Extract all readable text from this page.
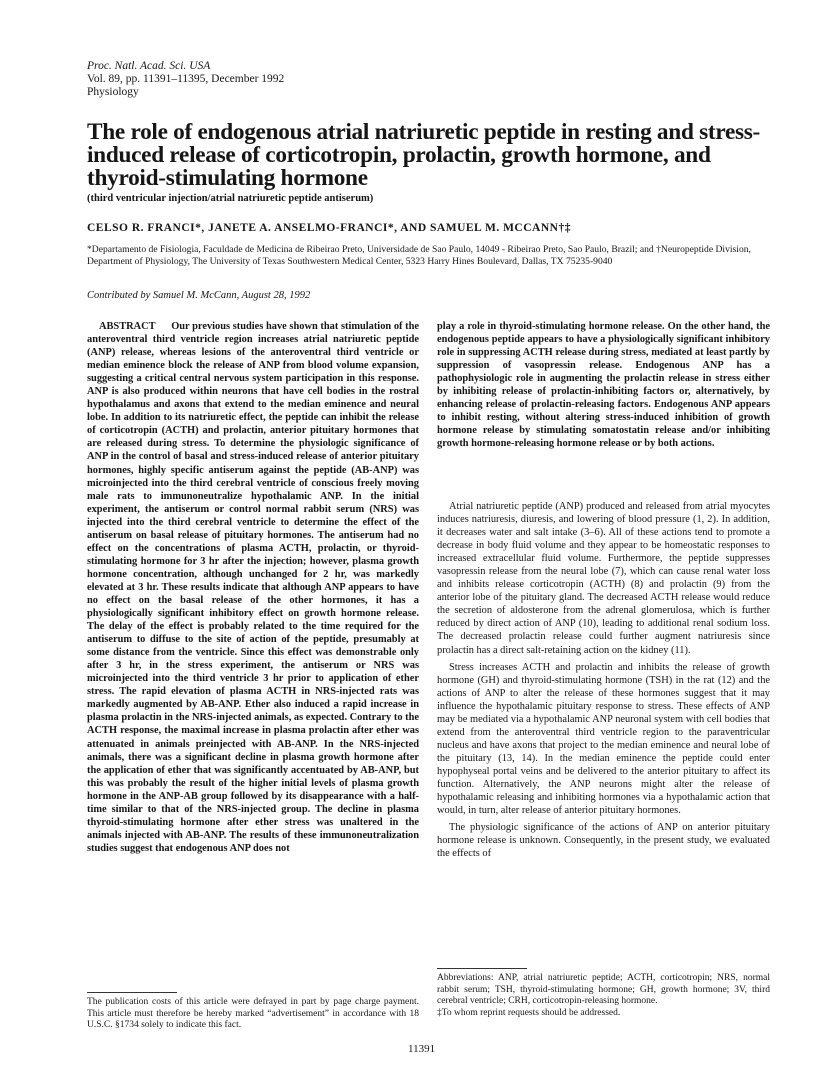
Proc. Natl. Acad. Sci. USA
Vol. 89, pp. 11391–11395, December 1992
Physiology
The role of endogenous atrial natriuretic peptide in resting and stress-induced release of corticotropin, prolactin, growth hormone, and thyroid-stimulating hormone
(third ventricular injection/atrial natriuretic peptide antiserum)
CELSO R. FRANCI*, JANETE A. ANSELMO-FRANCI*, AND SAMUEL M. MCCANN†‡
*Departamento de Fisiologia, Faculdade de Medicina de Ribeirao Preto, Universidade de Sao Paulo, 14049 - Ribeirao Preto, Sao Paulo, Brazil; and †Neuropeptide Division, Department of Physiology, The University of Texas Southwestern Medical Center, 5323 Harry Hines Boulevard, Dallas, TX 75235-9040
Contributed by Samuel M. McCann, August 28, 1992

ABSTRACT   Our previous studies have shown that stimulation of the anteroventral third ventricle region increases atrial natriuretic peptide (ANP) release, whereas lesions of the anteroventral third ventricle or median eminence block the release of ANP from blood volume expansion, suggesting a critical central nervous system participation in this response. ANP is also produced within neurons that have cell bodies in the rostral hypothalamus and axons that extend to the median eminence and neural lobe. In addition to its natriuretic effect, the peptide can inhibit the release of corticotropin (ACTH) and prolactin, anterior pituitary hormones that are released during stress. To determine the physiologic significance of ANP in the control of basal and stress-induced release of anterior pituitary hormones, highly specific antiserum against the peptide (AB-ANP) was microinjected into the third cerebral ventricle of conscious freely moving male rats to immunoneutralize hypothalamic ANP. In the initial experiment, the antiserum or control normal rabbit serum (NRS) was injected into the third cerebral ventricle to determine the effect of the antiserum on basal release of pituitary hormones. The antiserum had no effect on the concentrations of plasma ACTH, prolactin, or thyroid-stimulating hormone for 3 hr after the injection; however, plasma growth hormone concentration, although unchanged for 2 hr, was markedly elevated at 3 hr. These results indicate that although ANP appears to have no effect on the basal release of the other hormones, it has a physiologically significant inhibitory effect on growth hormone release. The delay of the effect is probably related to the time required for the antiserum to diffuse to the site of action of the peptide, presumably at some distance from the ventricle. Since this effect was demonstrable only after 3 hr, in the stress experiment, the antiserum or NRS was microinjected into the third ventricle 3 hr prior to application of ether stress. The rapid elevation of plasma ACTH in NRS-injected rats was markedly augmented by AB-ANP. Ether also induced a rapid increase in plasma prolactin in the NRS-injected animals, as expected. Contrary to the ACTH response, the maximal increase in plasma prolactin after ether was attenuated in animals preinjected with AB-ANP. In the NRS-injected animals, there was a significant decline in plasma growth hormone after the application of ether that was significantly accentuated by AB-ANP, but this was probably the result of the higher initial levels of plasma growth hormone in the ANP-AB group followed by its disappearance with a half-time similar to that of the NRS-injected group. The decline in plasma thyroid-stimulating hormone after ether stress was unaltered in the animals injected with AB-ANP. The results of these immunoneutralization studies suggest that endogenous ANP does not

play a role in thyroid-stimulating hormone release. On the other hand, the endogenous peptide appears to have a physiologically significant inhibitory role in suppressing ACTH release during stress, mediated at least partly by suppression of vasopressin release. Endogenous ANP has a pathophysiologic role in augmenting the prolactin release in stress either by inhibiting release of prolactin-inhibiting factors or, alternatively, by enhancing release of prolactin-releasing factors. Endogenous ANP appears to inhibit resting, without altering stress-induced inhibition of growth hormone release by stimulating somatostatin release and/or inhibiting growth hormone-releasing hormone release or by both actions.

Atrial natriuretic peptide (ANP) produced and released from atrial myocytes induces natriuresis, diuresis, and lowering of blood pressure (1, 2). In addition, it decreases water and salt intake (3–6). All of these actions tend to promote a decrease in body fluid volume and they appear to be homeostatic responses to increased extracellular fluid volume. Furthermore, the peptide suppresses vasopressin release from the neural lobe (7), which can cause renal water loss and inhibits release corticotropin (ACTH) (8) and prolactin (9) from the anterior lobe of the pituitary gland. The decreased ACTH release would reduce the secretion of aldosterone from the adrenal glomerulosa, which is further reduced by direct action of ANP (10), leading to additional renal sodium loss. The decreased prolactin release could further augment natriuresis since prolactin has a direct salt-retaining action on the kidney (11).

Stress increases ACTH and prolactin and inhibits the release of growth hormone (GH) and thyroid-stimulating hormone (TSH) in the rat (12) and the actions of ANP to alter the release of these hormones suggest that it may influence the hypothalamic pituitary response to stress. These effects of ANP may be mediated via a hypothalamic ANP neuronal system with cell bodies that extend from the anteroventral third ventricle region to the paraventricular nucleus and have axons that project to the median eminence and neural lobe of the pituitary (13, 14). In the median eminence the peptide could enter hypophyseal portal veins and be delivered to the anterior pituitary to affect its function. Alternatively, the ANP neurons might alter the release of hypothalamic releasing and inhibiting hormones via a hypothalamic action that would, in turn, alter release of anterior pituitary hormones.

The physiologic significance of the actions of ANP on anterior pituitary hormone release is unknown. Consequently, in the present study, we evaluated the effects of

The publication costs of this article were defrayed in part by page charge payment. This article must therefore be hereby marked “advertisement” in accordance with 18 U.S.C. §1734 solely to indicate this fact.
Abbreviations: ANP, atrial natriuretic peptide; ACTH, corticotropin; NRS, normal rabbit serum; TSH, thyroid-stimulating hormone; GH, growth hormone; 3V, third cerebral ventricle; CRH, corticotropin-releasing hormone.
‡To whom reprint requests should be addressed.
11391
